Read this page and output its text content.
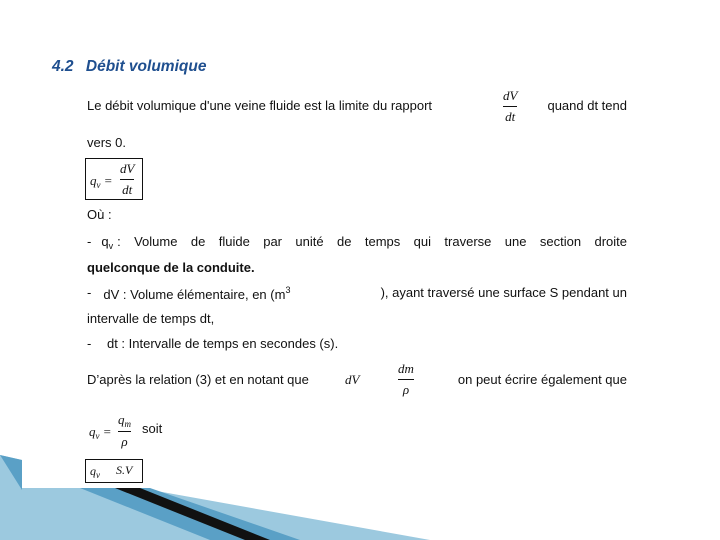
4.2 Débit volumique
Le débit volumique d'une veine fluide est la limite du rapport	quand dt tend
dV
dt
vers 0.
$q_v$ =
dV
dt
Où :
- $q_v$ : Volume de fluide par unité de temps qui traverse une section droite
quelconque de la conduite.
- dV : Volume élémentaire, en ($m^3$	), ayant traversé une surface S pendant un
intervalle de temps dt,
- dt : Intervalle de temps en secondes (s).
D’après la relation (3) et en notant que	dV	on peut écrire également que
dm
ρ
$q_v$ =
$q_m$
ρ
soit
$q_v$ S.V
